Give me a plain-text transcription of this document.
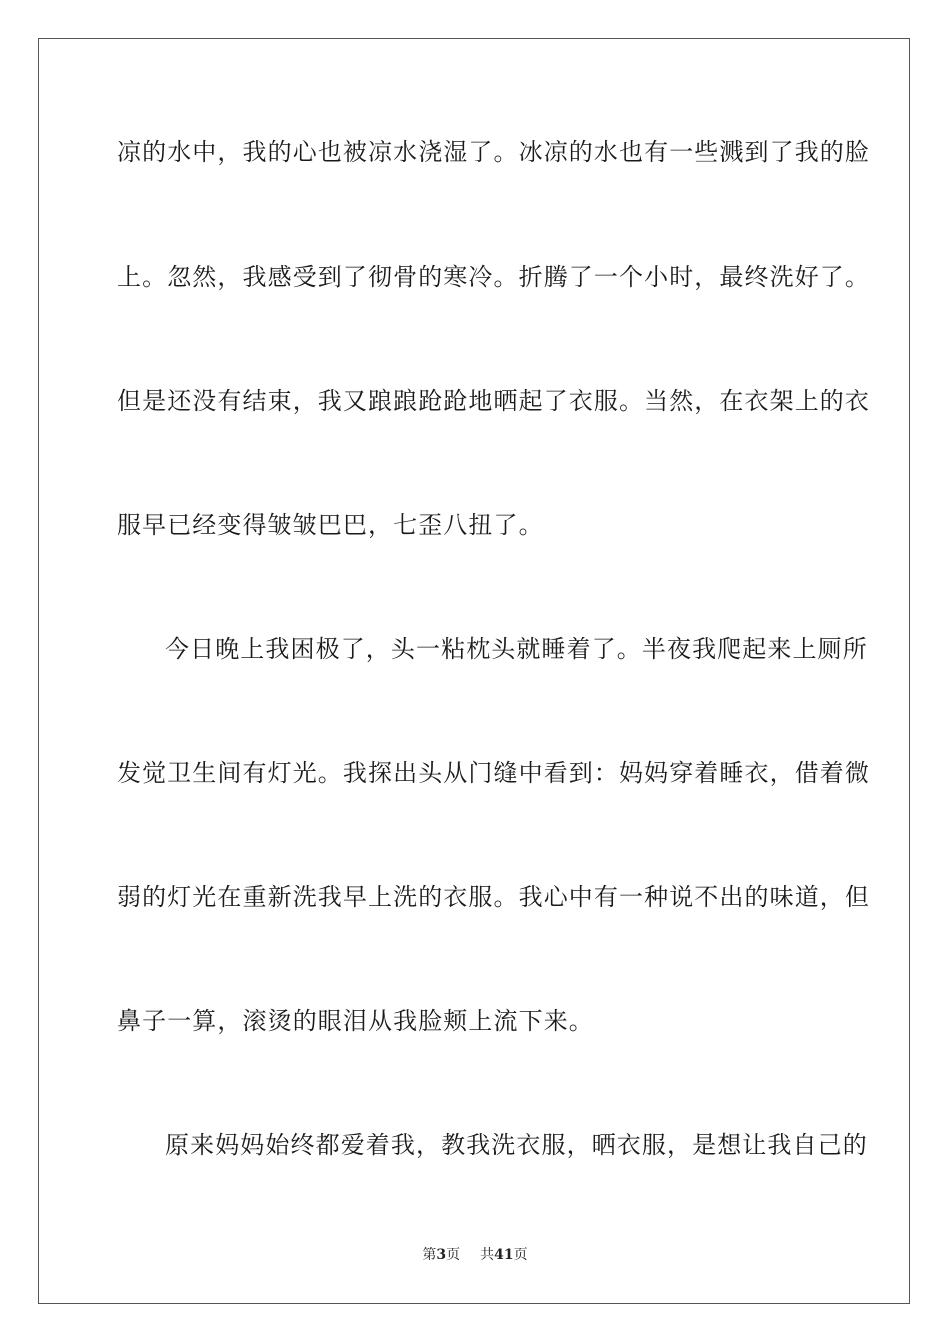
凉的水中，我的心也被凉水浇湿了。冰凉的水也有一些溅到了我的脸
上。忽然，我感受到了彻骨的寒冷。折腾了一个小时，最终洗好了。
但是还没有结束，我又踉踉跄跄地晒起了衣服。当然，在衣架上的衣
服早已经变得皱皱巴巴，七歪八扭了。
今日晚上我困极了，头一粘枕头就睡着了。半夜我爬起来上厕所
发觉卫生间有灯光。我探出头从门缝中看到：妈妈穿着睡衣，借着微
弱的灯光在重新洗我早上洗的衣服。我心中有一种说不出的味道，但
鼻子一算，滚烫的眼泪从我脸颊上流下来。
原来妈妈始终都爱着我，教我洗衣服，晒衣服，是想让我自己的
第3页 共41页
